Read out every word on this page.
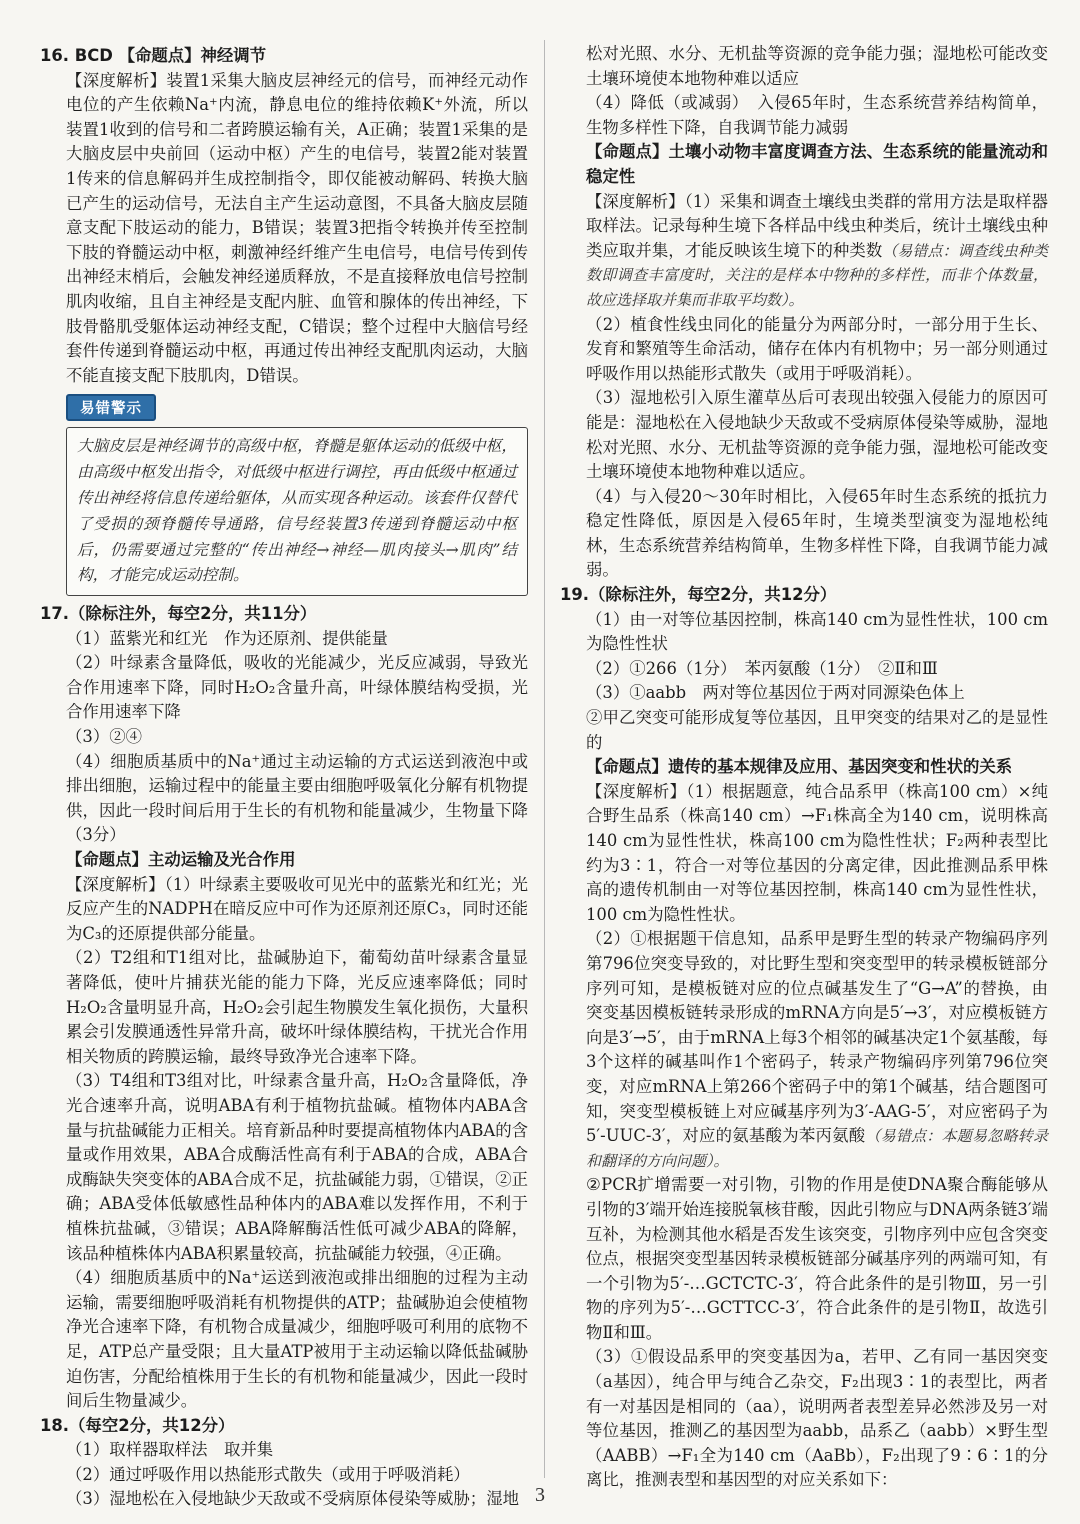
16. BCD 【命题点】神经调节

【深度解析】装置1采集大脑皮层神经元的信号，而神经元动作电位的产生依赖Na⁺内流，静息电位的维持依赖K⁺外流，所以装置1收到的信号和二者跨膜运输有关，A正确；装置1采集的是大脑皮层中央前回（运动中枢）产生的电信号，装置2能对装置1传来的信息解码并生成控制指令，即仅能被动解码、转换大脑已产生的运动信号，无法自主产生运动意图，不具备大脑皮层随意支配下肢运动的能力，B错误；装置3把指令转换并传至控制下肢的脊髓运动中枢，刺激神经纤维产生电信号，电信号传到传出神经末梢后，会触发神经递质释放，不是直接释放电信号控制肌肉收缩，且自主神经是支配内脏、血管和腺体的传出神经，下肢骨骼肌受躯体运动神经支配，C错误；整个过程中大脑信号经套件传递到脊髓运动中枢，再通过传出神经支配肌肉运动，大脑不能直接支配下肢肌肉，D错误。

易错警示

大脑皮层是神经调节的高级中枢，脊髓是躯体运动的低级中枢，由高级中枢发出指令，对低级中枢进行调控，再由低级中枢通过传出神经将信息传递给躯体，从而实现各种运动。该套件仅替代了受损的颈脊髓传导通路，信号经装置3传递到脊髓运动中枢后，仍需要通过完整的“传出神经→神经—肌肉接头→肌肉”结构，才能完成运动控制。

17.（除标注外，每空2分，共11分）

（1）蓝紫光和红光　作为还原剂、提供能量

（2）叶绿素含量降低，吸收的光能减少，光反应减弱，导致光合作用速率下降，同时H₂O₂含量升高，叶绿体膜结构受损，光合作用速率下降

（3）②④

（4）细胞质基质中的Na⁺通过主动运输的方式运送到液泡中或排出细胞，运输过程中的能量主要由细胞呼吸氧化分解有机物提供，因此一段时间后用于生长的有机物和能量减少，生物量下降（3分）

【命题点】主动运输及光合作用

【深度解析】（1）叶绿素主要吸收可见光中的蓝紫光和红光；光反应产生的NADPH在暗反应中可作为还原剂还原C₃，同时还能为C₃的还原提供部分能量。

（2）T2组和T1组对比，盐碱胁迫下，葡萄幼苗叶绿素含量显著降低，使叶片捕获光能的能力下降，光反应速率降低；同时H₂O₂含量明显升高，H₂O₂会引起生物膜发生氧化损伤，大量积累会引发膜通透性异常升高，破坏叶绿体膜结构，干扰光合作用相关物质的跨膜运输，最终导致净光合速率下降。

（3）T4组和T3组对比，叶绿素含量升高，H₂O₂含量降低，净光合速率升高，说明ABA有利于植物抗盐碱。植物体内ABA含量与抗盐碱能力正相关。培育新品种时要提高植物体内ABA的含量或作用效果，ABA合成酶活性高有利于ABA的合成，ABA合成酶缺失突变体的ABA合成不足，抗盐碱能力弱，①错误，②正确；ABA受体低敏感性品种体内的ABA难以发挥作用，不利于植株抗盐碱，③错误；ABA降解酶活性低可减少ABA的降解，该品种植株体内ABA积累量较高，抗盐碱能力较强，④正确。

（4）细胞质基质中的Na⁺运送到液泡或排出细胞的过程为主动运输，需要细胞呼吸消耗有机物提供的ATP；盐碱胁迫会使植物净光合速率下降，有机物合成量减少，细胞呼吸可利用的底物不足，ATP总产量受限；且大量ATP被用于主动运输以降低盐碱胁迫伤害，分配给植株用于生长的有机物和能量减少，因此一段时间后生物量减少。

18.（每空2分，共12分）

（1）取样器取样法　取并集

（2）通过呼吸作用以热能形式散失（或用于呼吸消耗）

（3）湿地松在入侵地缺少天敌或不受病原体侵染等威胁；湿地

松对光照、水分、无机盐等资源的竞争能力强；湿地松可能改变土壤环境使本地物种难以适应

（4）降低（或减弱）　入侵65年时，生态系统营养结构简单，生物多样性下降，自我调节能力减弱

【命题点】土壤小动物丰富度调查方法、生态系统的能量流动和稳定性

【深度解析】（1）采集和调查土壤线虫类群的常用方法是取样器取样法。记录每种生境下各样品中线虫种类后，统计土壤线虫种类应取并集，才能反映该生境下的种类数（易错点：调查线虫种类数即调查丰富度时，关注的是样本中物种的多样性，而非个体数量，故应选择取并集而非取平均数）。

（2）植食性线虫同化的能量分为两部分时，一部分用于生长、发育和繁殖等生命活动，储存在体内有机物中；另一部分则通过呼吸作用以热能形式散失（或用于呼吸消耗）。

（3）湿地松引入原生灌草丛后可表现出较强入侵能力的原因可能是：湿地松在入侵地缺少天敌或不受病原体侵染等威胁，湿地松对光照、水分、无机盐等资源的竞争能力强，湿地松可能改变土壤环境使本地物种难以适应。

（4）与入侵20～30年时相比，入侵65年时生态系统的抵抗力稳定性降低，原因是入侵65年时，生境类型演变为湿地松纯林，生态系统营养结构简单，生物多样性下降，自我调节能力减弱。

19.（除标注外，每空2分，共12分）

（1）由一对等位基因控制，株高140 cm为显性性状，100 cm为隐性性状

（2）①266（1分）　苯丙氨酸（1分）　②Ⅱ和Ⅲ

（3）①aabb　两对等位基因位于两对同源染色体上

②甲乙突变可能形成复等位基因，且甲突变的结果对乙的是显性的

【命题点】遗传的基本规律及应用、基因突变和性状的关系

【深度解析】（1）根据题意，纯合品系甲（株高100 cm）×纯合野生品系（株高140 cm）→F₁株高全为140 cm，说明株高140 cm为显性性状，株高100 cm为隐性性状；F₂两种表型比约为3∶1，符合一对等位基因的分离定律，因此推测品系甲株高的遗传机制由一对等位基因控制，株高140 cm为显性性状，100 cm为隐性性状。

（2）①根据题干信息知，品系甲是野生型的转录产物编码序列第796位突变导致的，对比野生型和突变型甲的转录模板链部分序列可知，是模板链对应的位点碱基发生了“G→A”的替换，由突变基因模板链转录形成的mRNA方向是5′→3′，对应模板链方向是3′→5′，由于mRNA上每3个相邻的碱基决定1个氨基酸，每3个这样的碱基叫作1个密码子，转录产物编码序列第796位突变，对应mRNA上第266个密码子中的第1个碱基，结合题图可知，突变型模板链上对应碱基序列为3′-AAG-5′，对应密码子为5′-UUC-3′，对应的氨基酸为苯丙氨酸（易错点：本题易忽略转录和翻译的方向问题）。

②PCR扩增需要一对引物，引物的作用是使DNA聚合酶能够从引物的3′端开始连接脱氧核苷酸，因此引物应与DNA两条链3′端互补，为检测其他水稻是否发生该突变，引物序列中应包含突变位点，根据突变型基因转录模板链部分碱基序列的两端可知，有一个引物为5′-…GCTCTC-3′，符合此条件的是引物Ⅲ，另一引物的序列为5′-…GCTTCC-3′，符合此条件的是引物Ⅱ，故选引物Ⅱ和Ⅲ。

（3）①假设品系甲的突变基因为a，若甲、乙有同一基因突变（a基因），纯合甲与纯合乙杂交，F₂出现3∶1的表型比，两者有一对基因是相同的（aa），说明两者表型差异必然涉及另一对等位基因，推测乙的基因型为aabb，品系乙（aabb）×野生型（AABB）→F₁全为140 cm（AaBb），F₂出现了9∶6∶1的分离比，推测表型和基因型的对应关系如下：

3
